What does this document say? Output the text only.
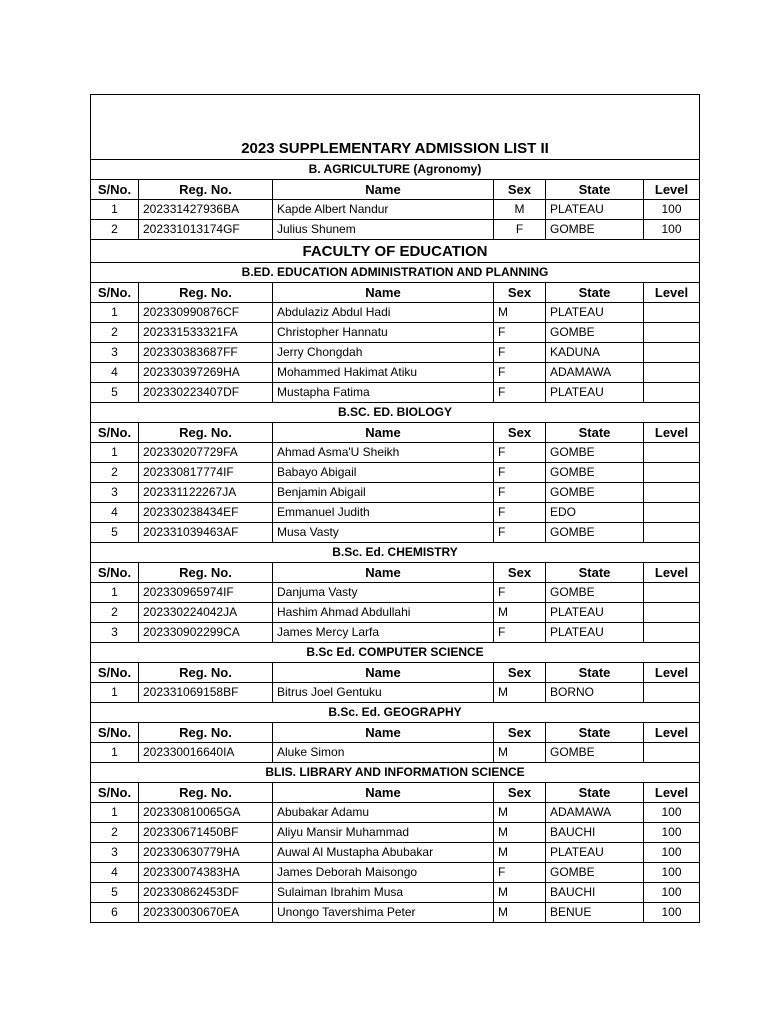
2023 SUPPLEMENTARY ADMISSION LIST II					
B. AGRICULTURE (Agronomy)					
S/No.	Reg. No.	Name	Sex	State	Level
1	202331427936BA	Kapde Albert Nandur	M	PLATEAU	100
2	202331013174GF	Julius Shunem	F	GOMBE	100
FACULTY OF EDUCATION					
B.ED. EDUCATION ADMINISTRATION AND PLANNING					
S/No.	Reg. No.	Name	Sex	State	Level
1	202330990876CF	Abdulaziz Abdul Hadi	M	PLATEAU	
2	202331533321FA	Christopher Hannatu	F	GOMBE	
3	202330383687FF	Jerry Chongdah	F	KADUNA	
4	202330397269HA	Mohammed Hakimat Atiku	F	ADAMAWA	
5	202330223407DF	Mustapha Fatima	F	PLATEAU	
B.SC. ED. BIOLOGY					
S/No.	Reg. No.	Name	Sex	State	Level
1	202330207729FA	Ahmad Asma'U Sheikh	F	GOMBE	
2	202330817774IF	Babayo Abigail	F	GOMBE	
3	202331122267JA	Benjamin Abigail	F	GOMBE	
4	202330238434EF	Emmanuel Judith	F	EDO	
5	202331039463AF	Musa Vasty	F	GOMBE	
B.Sc. Ed. CHEMISTRY					
S/No.	Reg. No.	Name	Sex	State	Level
1	202330965974IF	Danjuma Vasty	F	GOMBE	
2	202330224042JA	Hashim Ahmad Abdullahi	M	PLATEAU	
3	202330902299CA	James Mercy Larfa	F	PLATEAU	
B.Sc Ed. COMPUTER SCIENCE					
S/No.	Reg. No.	Name	Sex	State	Level
1	202331069158BF	Bitrus Joel Gentuku	M	BORNO	
B.Sc. Ed. GEOGRAPHY					
S/No.	Reg. No.	Name	Sex	State	Level
1	202330016640IA	Aluke Simon	M	GOMBE	
BLIS. LIBRARY AND INFORMATION SCIENCE					
S/No.	Reg. No.	Name	Sex	State	Level
1	202330810065GA	Abubakar Adamu	M	ADAMAWA	100
2	202330671450BF	Aliyu Mansir Muhammad	M	BAUCHI	100
3	202330630779HA	Auwal Al Mustapha Abubakar	M	PLATEAU	100
4	202330074383HA	James Deborah Maisongo	F	GOMBE	100
5	202330862453DF	Sulaiman Ibrahim Musa	M	BAUCHI	100
6	202330030670EA	Unongo Tavershima Peter	M	BENUE	100
